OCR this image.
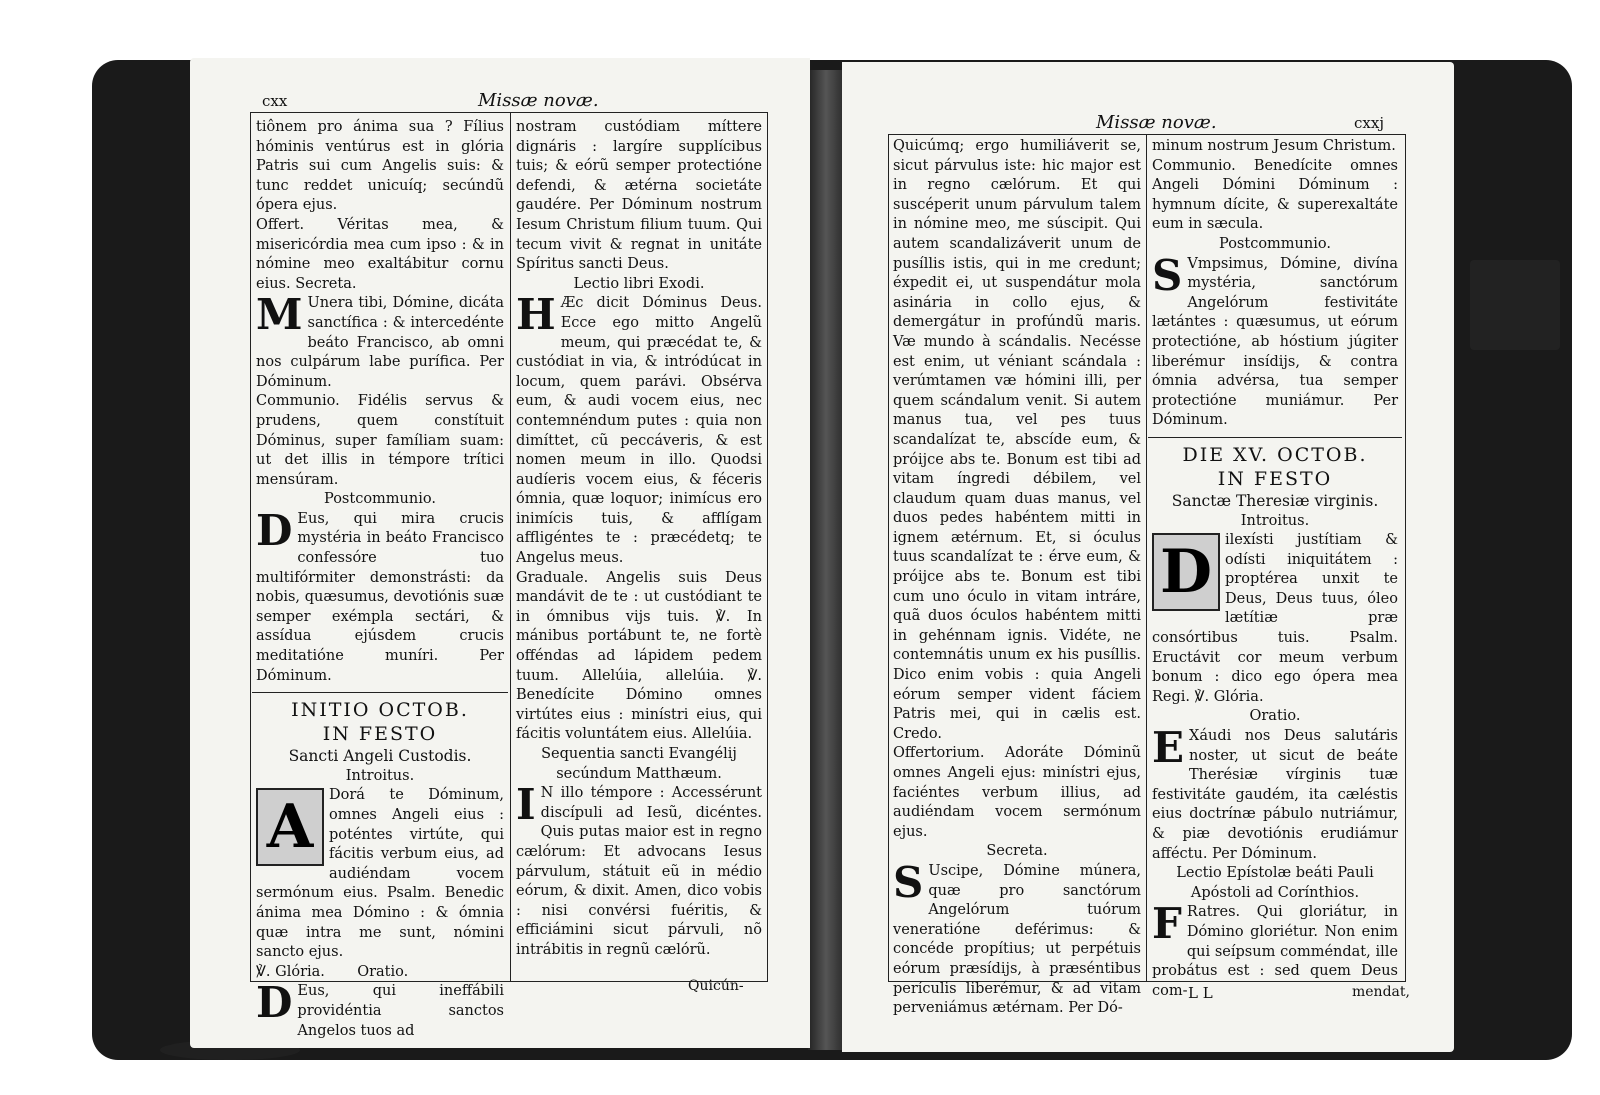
cxx	Missæ novæ.

tiônem pro ánima sua ? Fílius hóminis ventúrus est in glória Patris sui cum Angelis suis: & tunc reddet unicuíq; secúndũ ópera ejus.

Offert. Véritas mea, & misericórdia mea cum ipso : & in nómine meo exaltábitur cornu eius. Secreta.

M Unera tibi, Dómine, dicáta sanctífica : & intercedénte beáto Francisco, ab omni nos culpárum labe purífica. Per Dóminum.

Communio. Fidélis servus & prudens, quem constítuit Dóminus, super famíliam suam: ut det illis in témpore trítici mensúram.

Postcommunio.

D Eus, qui mira crucis mystéria in beáto Francisco confessóre tuo multifórmiter demonstrásti: da nobis, quæsumus, devotiónis suæ semper exémpla sectári, & assídua ejúsdem crucis meditatióne muníri. Per Dóminum.

INITIO OCTOB.
IN FESTO

Sancti Angeli Custodis.

Introitus.

A	Dorá te Dóminum, omnes Angeli eius : poténtes virtúte, qui fácitis verbum eius, ad audiéndam vocem sermónum eius. Psalm. Benedic ánima mea Dómino : & ómnia quæ intra me sunt, nómini sancto ejus.

℣. Glória. Oratio.

D Eus, qui ineffábili providéntia sanctos Angelos tuos ad

nostram custódiam míttere dignáris : largíre supplícibus tuis; & eórũ semper protectióne defendi, & ætérna societáte gaudére. Per Dóminum nostrum Iesum Christum filium tuum. Qui tecum vivit & regnat in unitáte Spíritus sancti Deus.

Lectio libri Exodi.

H Æc dicit Dóminus Deus. Ecce ego mitto Angelũ meum, qui præcédat te, & custódiat in via, & intródúcat in locum, quem parávi. Obsérva eum, & audi vocem eius, nec contemnéndum putes : quia non dimíttet, cũ peccáveris, & est nomen meum in illo. Quodsi audíeris vocem eius, & féceris ómnia, quæ loquor; inimícus ero inimícis tuis, & afflígam affligéntes te : præcédetq; te Angelus meus.

Graduale. Angelis suis Deus mandávit de te : ut custódiant te in ómnibus vijs tuis. ℣. In mánibus portábunt te, ne fortè offéndas ad lápidem pedem tuum. Allelúia, allelúia. ℣. Benedícite Dómino omnes virtútes eius : minístri eius, qui fácitis voluntátem eius. Allelúia.

Sequentia sancti Evangélij

secúndum Matthæum.

I N illo témpore : Accessérunt discípuli ad Iesũ, dicéntes. Quis putas maior est in regno cælórum: Et advocans Iesus párvulum, státuit eũ in médio eórum, & dixit. Amen, dico vobis : nisi convérsi fuéritis, & efficiámini sicut párvuli, nõ intrábitis in regnũ cælórũ.

Quicún-
Missæ novæ.	cxxj

Quicúmq; ergo humiliáverit se, sicut párvulus iste: hic major est in regno cælórum. Et qui suscéperit unum párvulum talem in nómine meo, me súscipit. Qui autem scandalizáverit unum de pusíllis istis, qui in me credunt; éxpedit ei, ut suspendátur mola asinária in collo ejus, & demergátur in profúndũ maris. Væ mundo à scándalis. Necésse est enim, ut véniant scándala : verúmtamen væ hómini illi, per quem scándalum venit. Si autem manus tua, vel pes tuus scandalízat te, abscíde eum, & próijce abs te. Bonum est tibi ad vitam íngredi débilem, vel claudum quam duas manus, vel duos pedes habéntem mitti in ignem ætérnum. Et, si óculus tuus scandalízat te : érve eum, & próijce abs te. Bonum est tibi cum uno óculo in vitam intráre, quã duos óculos habéntem mitti in gehénnam ignis. Vidéte, ne contemnátis unum ex his pusíllis. Dico enim vobis : quia Angeli eórum semper vident fáciem Patris mei, qui in cælis est. Credo.

Offertorium. Adoráte Dóminũ omnes Angeli ejus: minístri ejus, faciéntes verbum illius, ad audiéndam vocem sermónum ejus.

Secreta.

S Uscipe, Dómine múnera, quæ pro sanctórum Angelórum tuórum veneratióne deférimus: & concéde propítius; ut perpétuis eórum præsídijs, à præséntibus perículis liberémur, & ad vitam perveniámus ætérnam. Per Dó-

minum nostrum Jesum Christum.

Communio. Benedícite omnes Angeli Dómini Dóminum : hymnum dícite, & superexaltáte eum in sæcula.

Postcommunio.

S Vmpsimus, Dómine, divína mystéria, sanctórum Angelórum festivitáte lætántes : quæsumus, ut eórum protectióne, ab hóstium júgiter liberémur insídijs, & contra ómnia advérsa, tua semper protectióne muniámur. Per Dóminum.

DIE XV. OCTOB.
IN FESTO

Sanctæ Theresiæ virginis.

Introitus.

D ilexísti justítiam & odísti iniquitátem : proptérea unxit te Deus, Deus tuus, óleo lætítiæ præ consórtibus tuis. Psalm. Eructávit cor meum verbum bonum : dico ego ópera mea Regi. ℣. Glória.

Oratio.

E Xáudi nos Deus salutáris noster, ut sicut de beáte Therésiæ vírginis tuæ festivitáte gaudém, ita cæléstis eius doctrínæ pábulo nutriámur, & piæ devotiónis erudiámur afféctu. Per Dóminum.

Lectio Epístolæ beáti Pauli

Apóstoli ad Corínthios.

F Ratres. Qui gloriátur, in Dómino gloriétur. Non enim qui seípsum comméndat, ille probátus est : sed quem Deus com- L L	mendat,
